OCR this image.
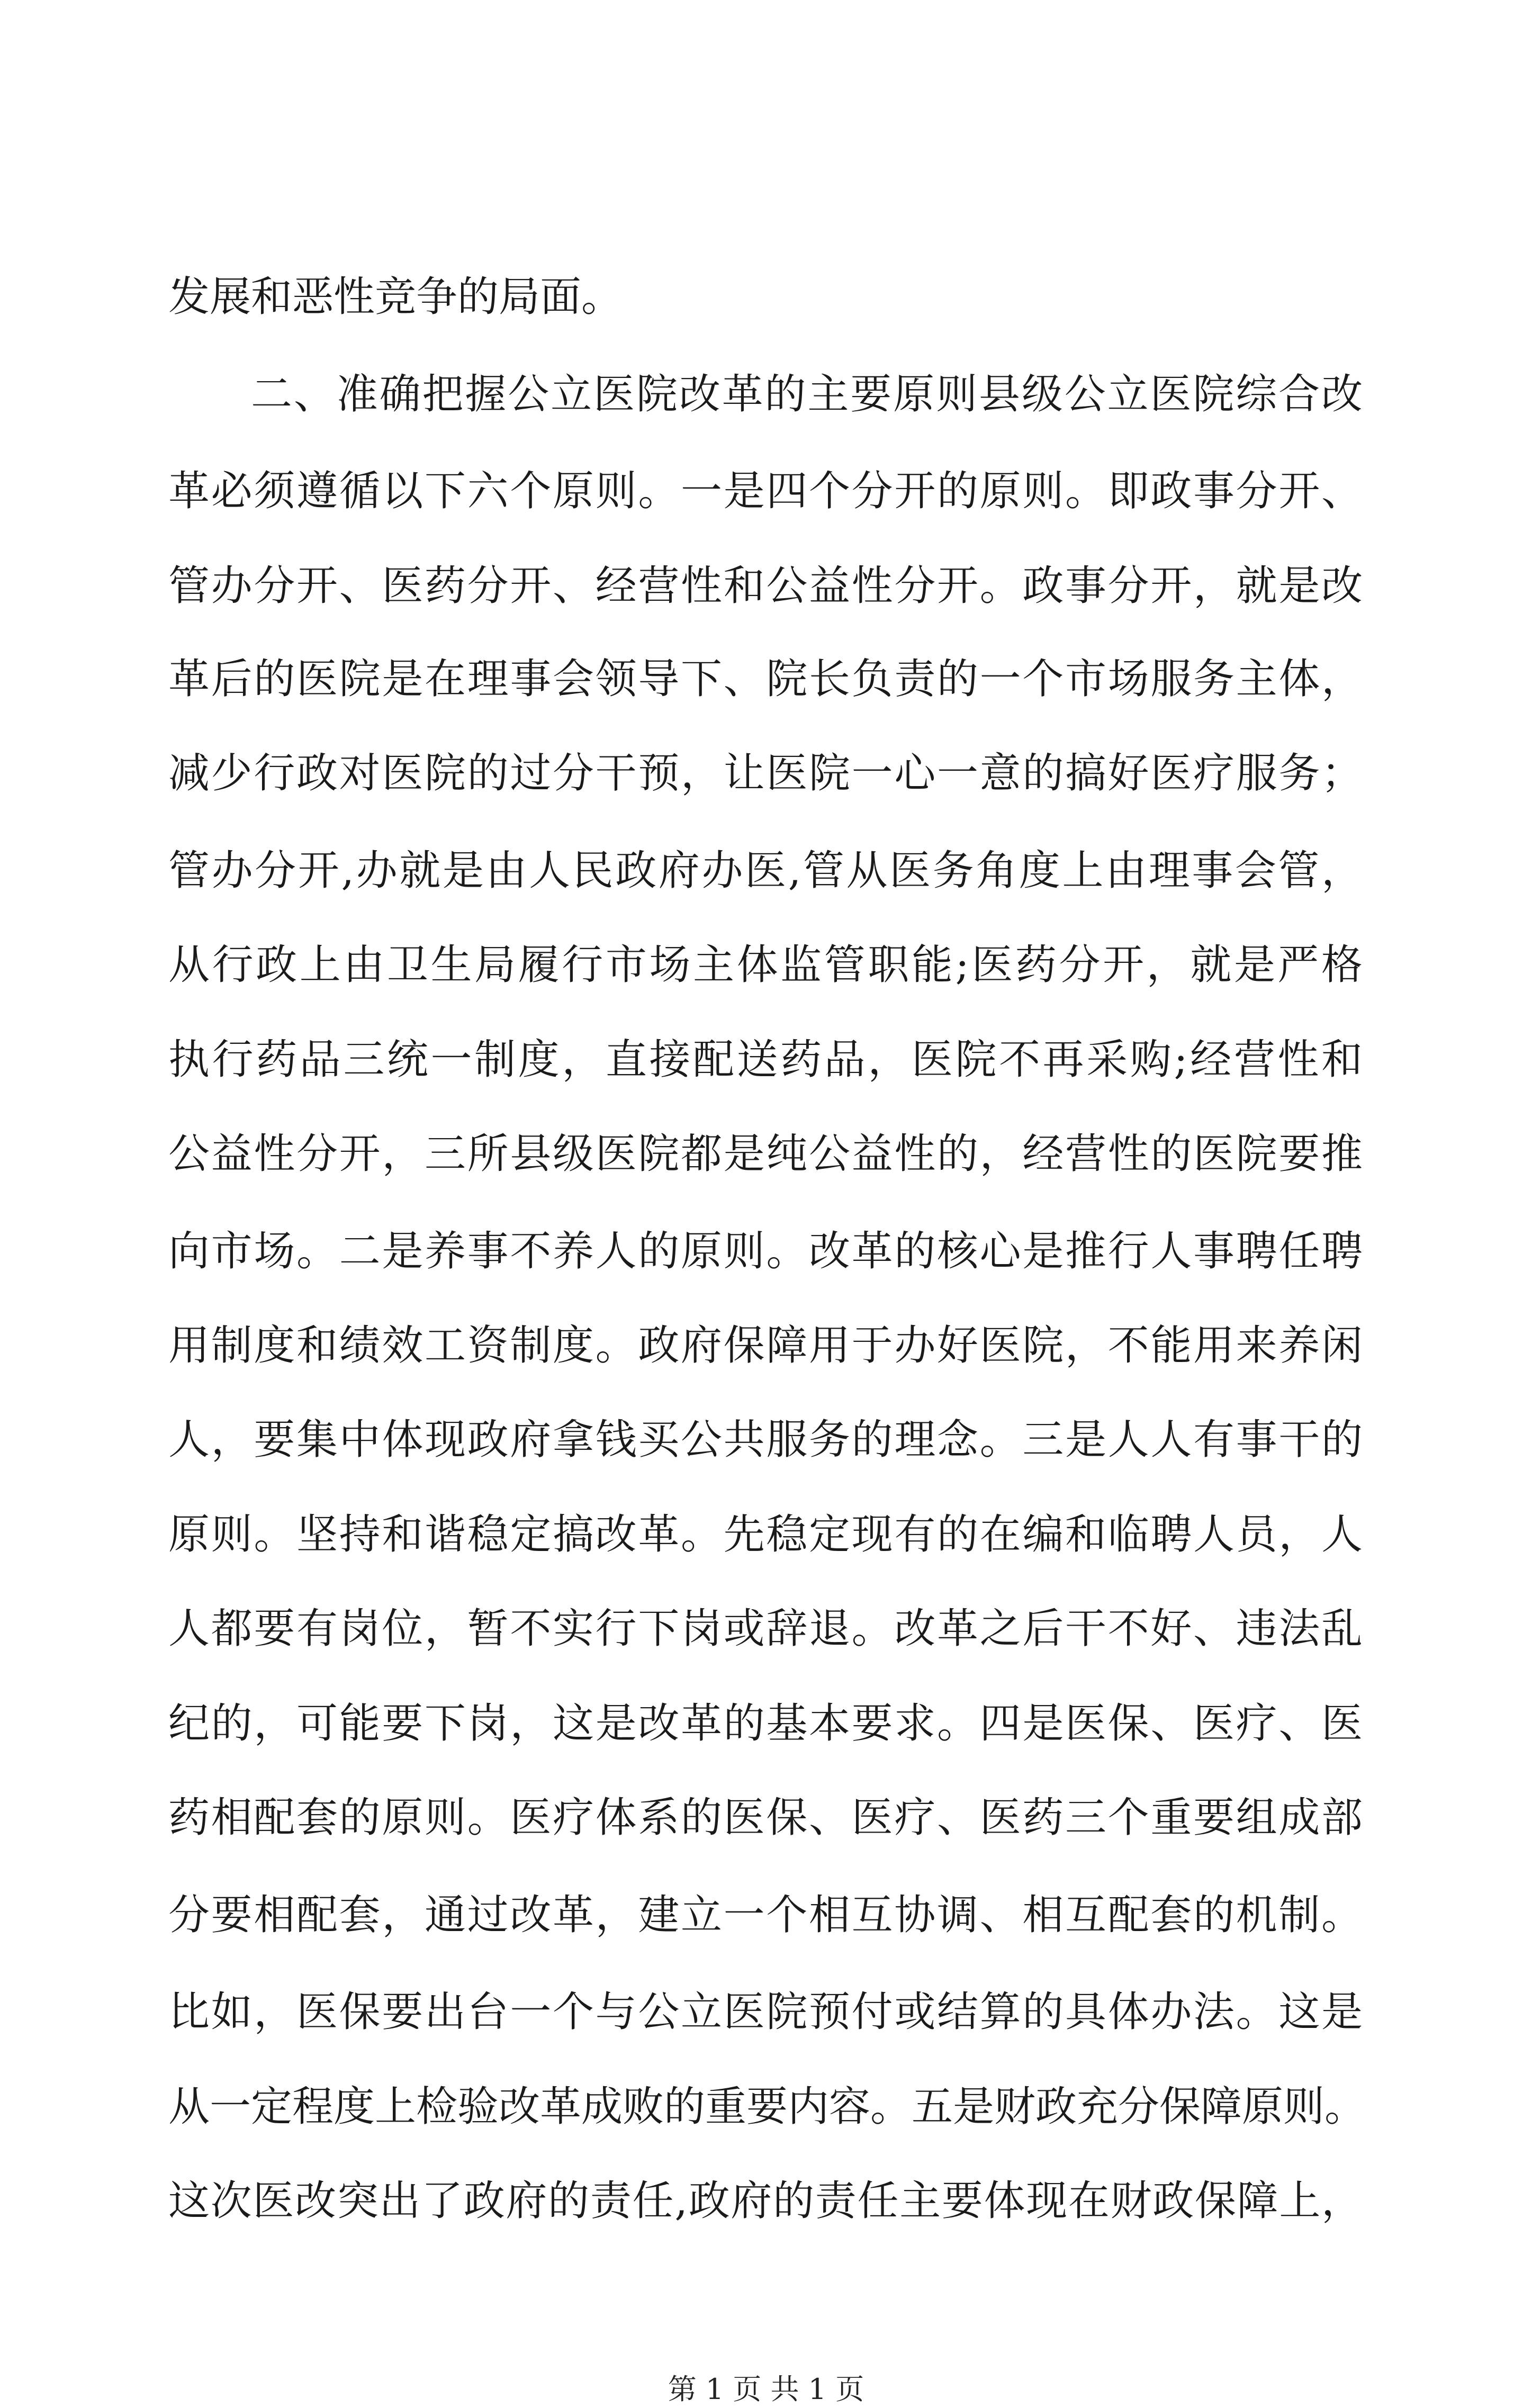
发展和恶性竞争的局面。
二、准确把握公立医院改革的主要原则县级公立医院综合改
革必须遵循以下六个原则。一是四个分开的原则。即政事分开、
管办分开、医药分开、经营性和公益性分开。政事分开，就是改
革后的医院是在理事会领导下、院长负责的一个市场服务主体，
减少行政对医院的过分干预，让医院一心一意的搞好医疗服务；
管办分开,办就是由人民政府办医,管从医务角度上由理事会管，
从行政上由卫生局履行市场主体监管职能;医药分开，就是严格
执行药品三统一制度，直接配送药品，医院不再采购;经营性和
公益性分开，三所县级医院都是纯公益性的，经营性的医院要推
向市场。二是养事不养人的原则。改革的核心是推行人事聘任聘
用制度和绩效工资制度。政府保障用于办好医院，不能用来养闲
人，要集中体现政府拿钱买公共服务的理念。三是人人有事干的
原则。坚持和谐稳定搞改革。先稳定现有的在编和临聘人员，人
人都要有岗位，暂不实行下岗或辞退。改革之后干不好、违法乱
纪的，可能要下岗，这是改革的基本要求。四是医保、医疗、医
药相配套的原则。医疗体系的医保、医疗、医药三个重要组成部
分要相配套，通过改革，建立一个相互协调、相互配套的机制。
比如，医保要出台一个与公立医院预付或结算的具体办法。这是
从一定程度上检验改革成败的重要内容。五是财政充分保障原则。
这次医改突出了政府的责任,政府的责任主要体现在财政保障上，
第 1 页 共 1 页
